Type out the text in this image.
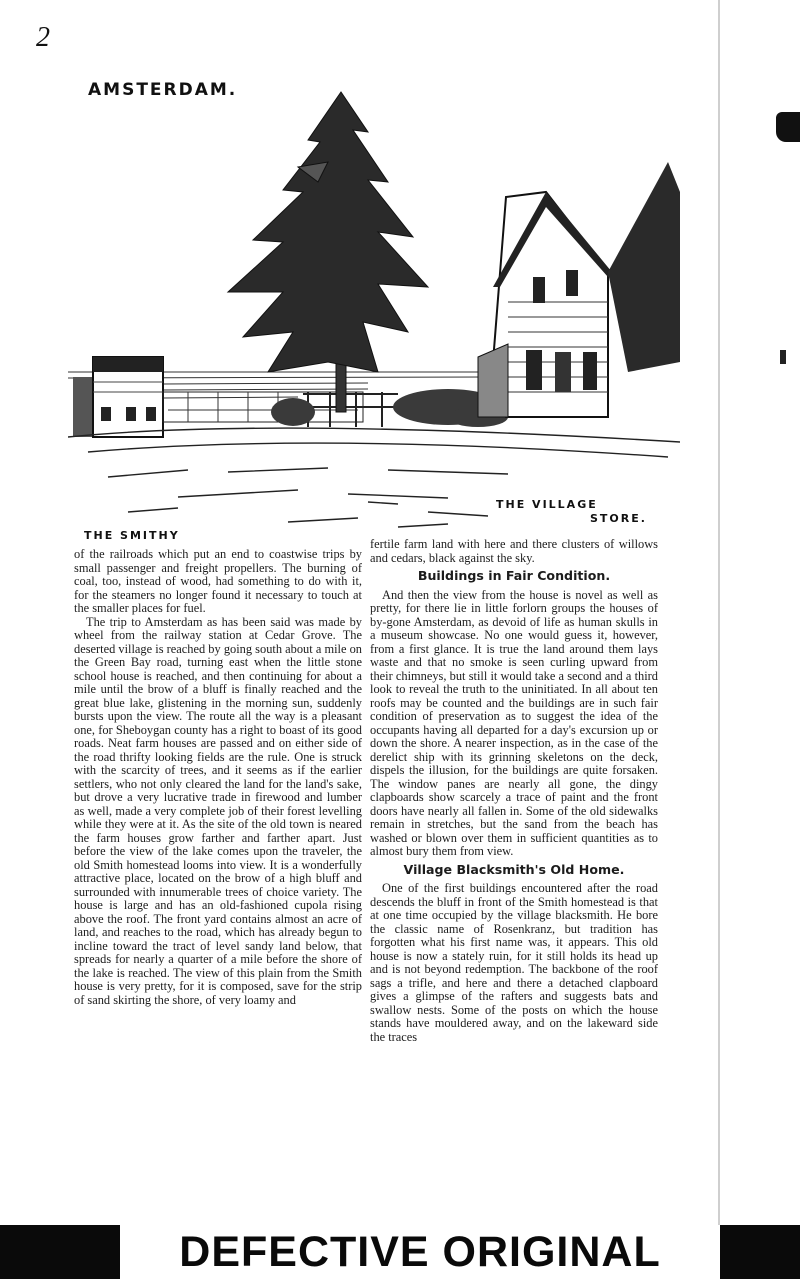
2
AMSTERDAM.
THE SMITHY
THE VILLAGE
STORE.

of the railroads which put an end to coastwise trips by small passenger and freight propellers. The burning of coal, too, instead of wood, had something to do with it, for the steamers no longer found it necessary to touch at the smaller places for fuel.

The trip to Amsterdam as has been said was made by wheel from the railway station at Cedar Grove. The deserted village is reached by going south about a mile on the Green Bay road, turning east when the little stone school house is reached, and then continuing for about a mile until the brow of a bluff is finally reached and the great blue lake, glistening in the morning sun, suddenly bursts upon the view. The route all the way is a pleasant one, for Sheboygan county has a right to boast of its good roads. Neat farm houses are passed and on either side of the road thrifty looking fields are the rule. One is struck with the scarcity of trees, and it seems as if the earlier settlers, who not only cleared the land for the land's sake, but drove a very lucrative trade in firewood and lumber as well, made a very complete job of their forest levelling while they were at it. As the site of the old town is neared the farm houses grow farther and farther apart. Just before the view of the lake comes upon the traveler, the old Smith homestead looms into view. It is a wonderfully attractive place, located on the brow of a high bluff and surrounded with innumerable trees of choice variety. The house is large and has an old-fashioned cupola rising above the roof. The front yard contains almost an acre of land, and reaches to the road, which has already begun to incline toward the tract of level sandy land below, that spreads for nearly a quarter of a mile before the shore of the lake is reached. The view of this plain from the Smith house is very pretty, for it is composed, save for the strip of sand skirting the shore, of very loamy and

fertile farm land with here and there clusters of willows and cedars, black against the sky.

Buildings in Fair Condition.

And then the view from the house is novel as well as pretty, for there lie in little forlorn groups the houses of by-gone Amsterdam, as devoid of life as human skulls in a museum showcase. No one would guess it, however, from a first glance. It is true the land around them lays waste and that no smoke is seen curling upward from their chimneys, but still it would take a second and a third look to reveal the truth to the uninitiated. In all about ten roofs may be counted and the buildings are in such fair condition of preservation as to suggest the idea of the occupants having all departed for a day's excursion up or down the shore. A nearer inspection, as in the case of the derelict ship with its grinning skeletons on the deck, dispels the illusion, for the buildings are quite forsaken. The window panes are nearly all gone, the dingy clapboards show scarcely a trace of paint and the front doors have nearly all fallen in. Some of the old sidewalks remain in stretches, but the sand from the beach has washed or blown over them in sufficient quantities as to almost bury them from view.

Village Blacksmith's Old Home.

One of the first buildings encountered after the road descends the bluff in front of the Smith homestead is that at one time occupied by the village blacksmith. He bore the classic name of Rosenkranz, but tradition has forgotten what his first name was, it appears. This old house is now a stately ruin, for it still holds its head up and is not beyond redemption. The backbone of the roof sags a trifle, and here and there a detached clapboard gives a glimpse of the rafters and suggests bats and swallow nests. Some of the posts on which the house stands have mouldered away, and on the lakeward side the traces

DEFECTIVE ORIGINAL
